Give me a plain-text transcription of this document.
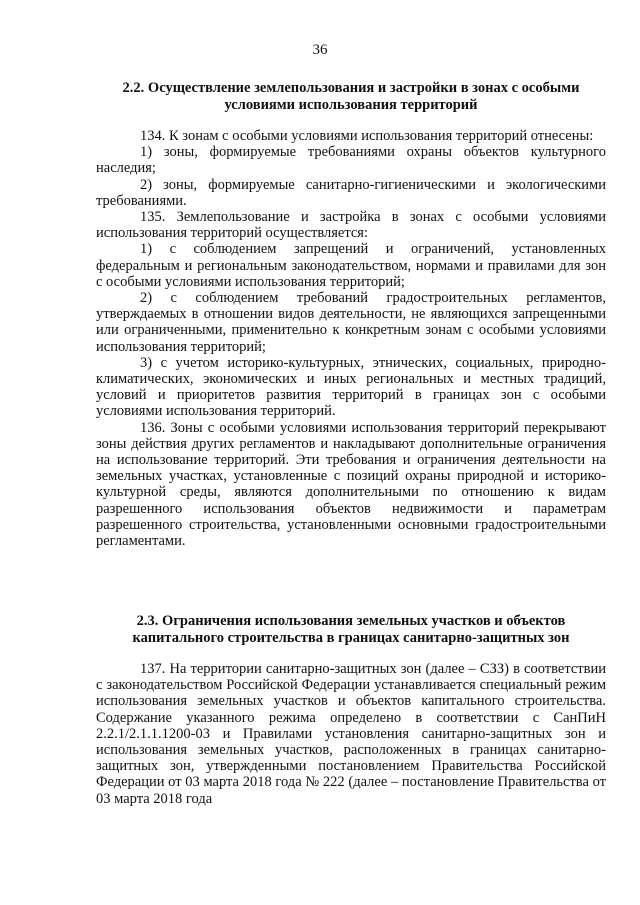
36
2.2. Осуществление землепользования и застройки в зонах с особыми
условиями использования территорий

134. К зонам с особыми условиями использования территорий отнесены:

1) зоны, формируемые требованиями охраны объектов культурного наследия;

2) зоны, формируемые санитарно-гигиеническими и экологическими требованиями.

135. Землепользование и застройка в зонах с особыми условиями использования территорий осуществляется:

1) с соблюдением запрещений и ограничений, установленных федеральным и региональным законодательством, нормами и правилами для зон с особыми условиями использования территорий;

2) с соблюдением требований градостроительных регламентов, утверждаемых в отношении видов деятельности, не являющихся запрещенными или ограниченными, применительно к конкретным зонам с особыми условиями использования территорий;

3) с учетом историко-культурных, этнических, социальных, природно-климатических, экономических и иных региональных и местных традиций, условий и приоритетов развития территорий в границах зон с особыми условиями использования территорий.

136. Зоны с особыми условиями использования территорий перекрывают зоны действия других регламентов и накладывают дополнительные ограничения на использование территорий. Эти требования и ограничения деятельности на земельных участках, установленные с позиций охраны природной и историко-культурной среды, являются дополнительными по отношению к видам разрешенного использования объектов недвижимости и параметрам разрешенного строительства, установленными основными градостроительными регламентами.

2.3. Ограничения использования земельных участков и объектов
капитального строительства в границах санитарно-защитных зон

137. На территории санитарно-защитных зон (далее – СЗЗ) в соответствии с законодательством Российской Федерации устанавливается специальный режим использования земельных участков и объектов капитального строительства. Содержание указанного режима определено в соответствии с СанПиН 2.2.1/2.1.1.1200-03 и Правилами установления санитарно-защитных зон и использования земельных участков, расположенных в границах санитарно-защитных зон, утвержденными постановлением Правительства Российской Федерации от 03 марта 2018 года № 222 (далее – постановление Правительства от 03 марта 2018 года
